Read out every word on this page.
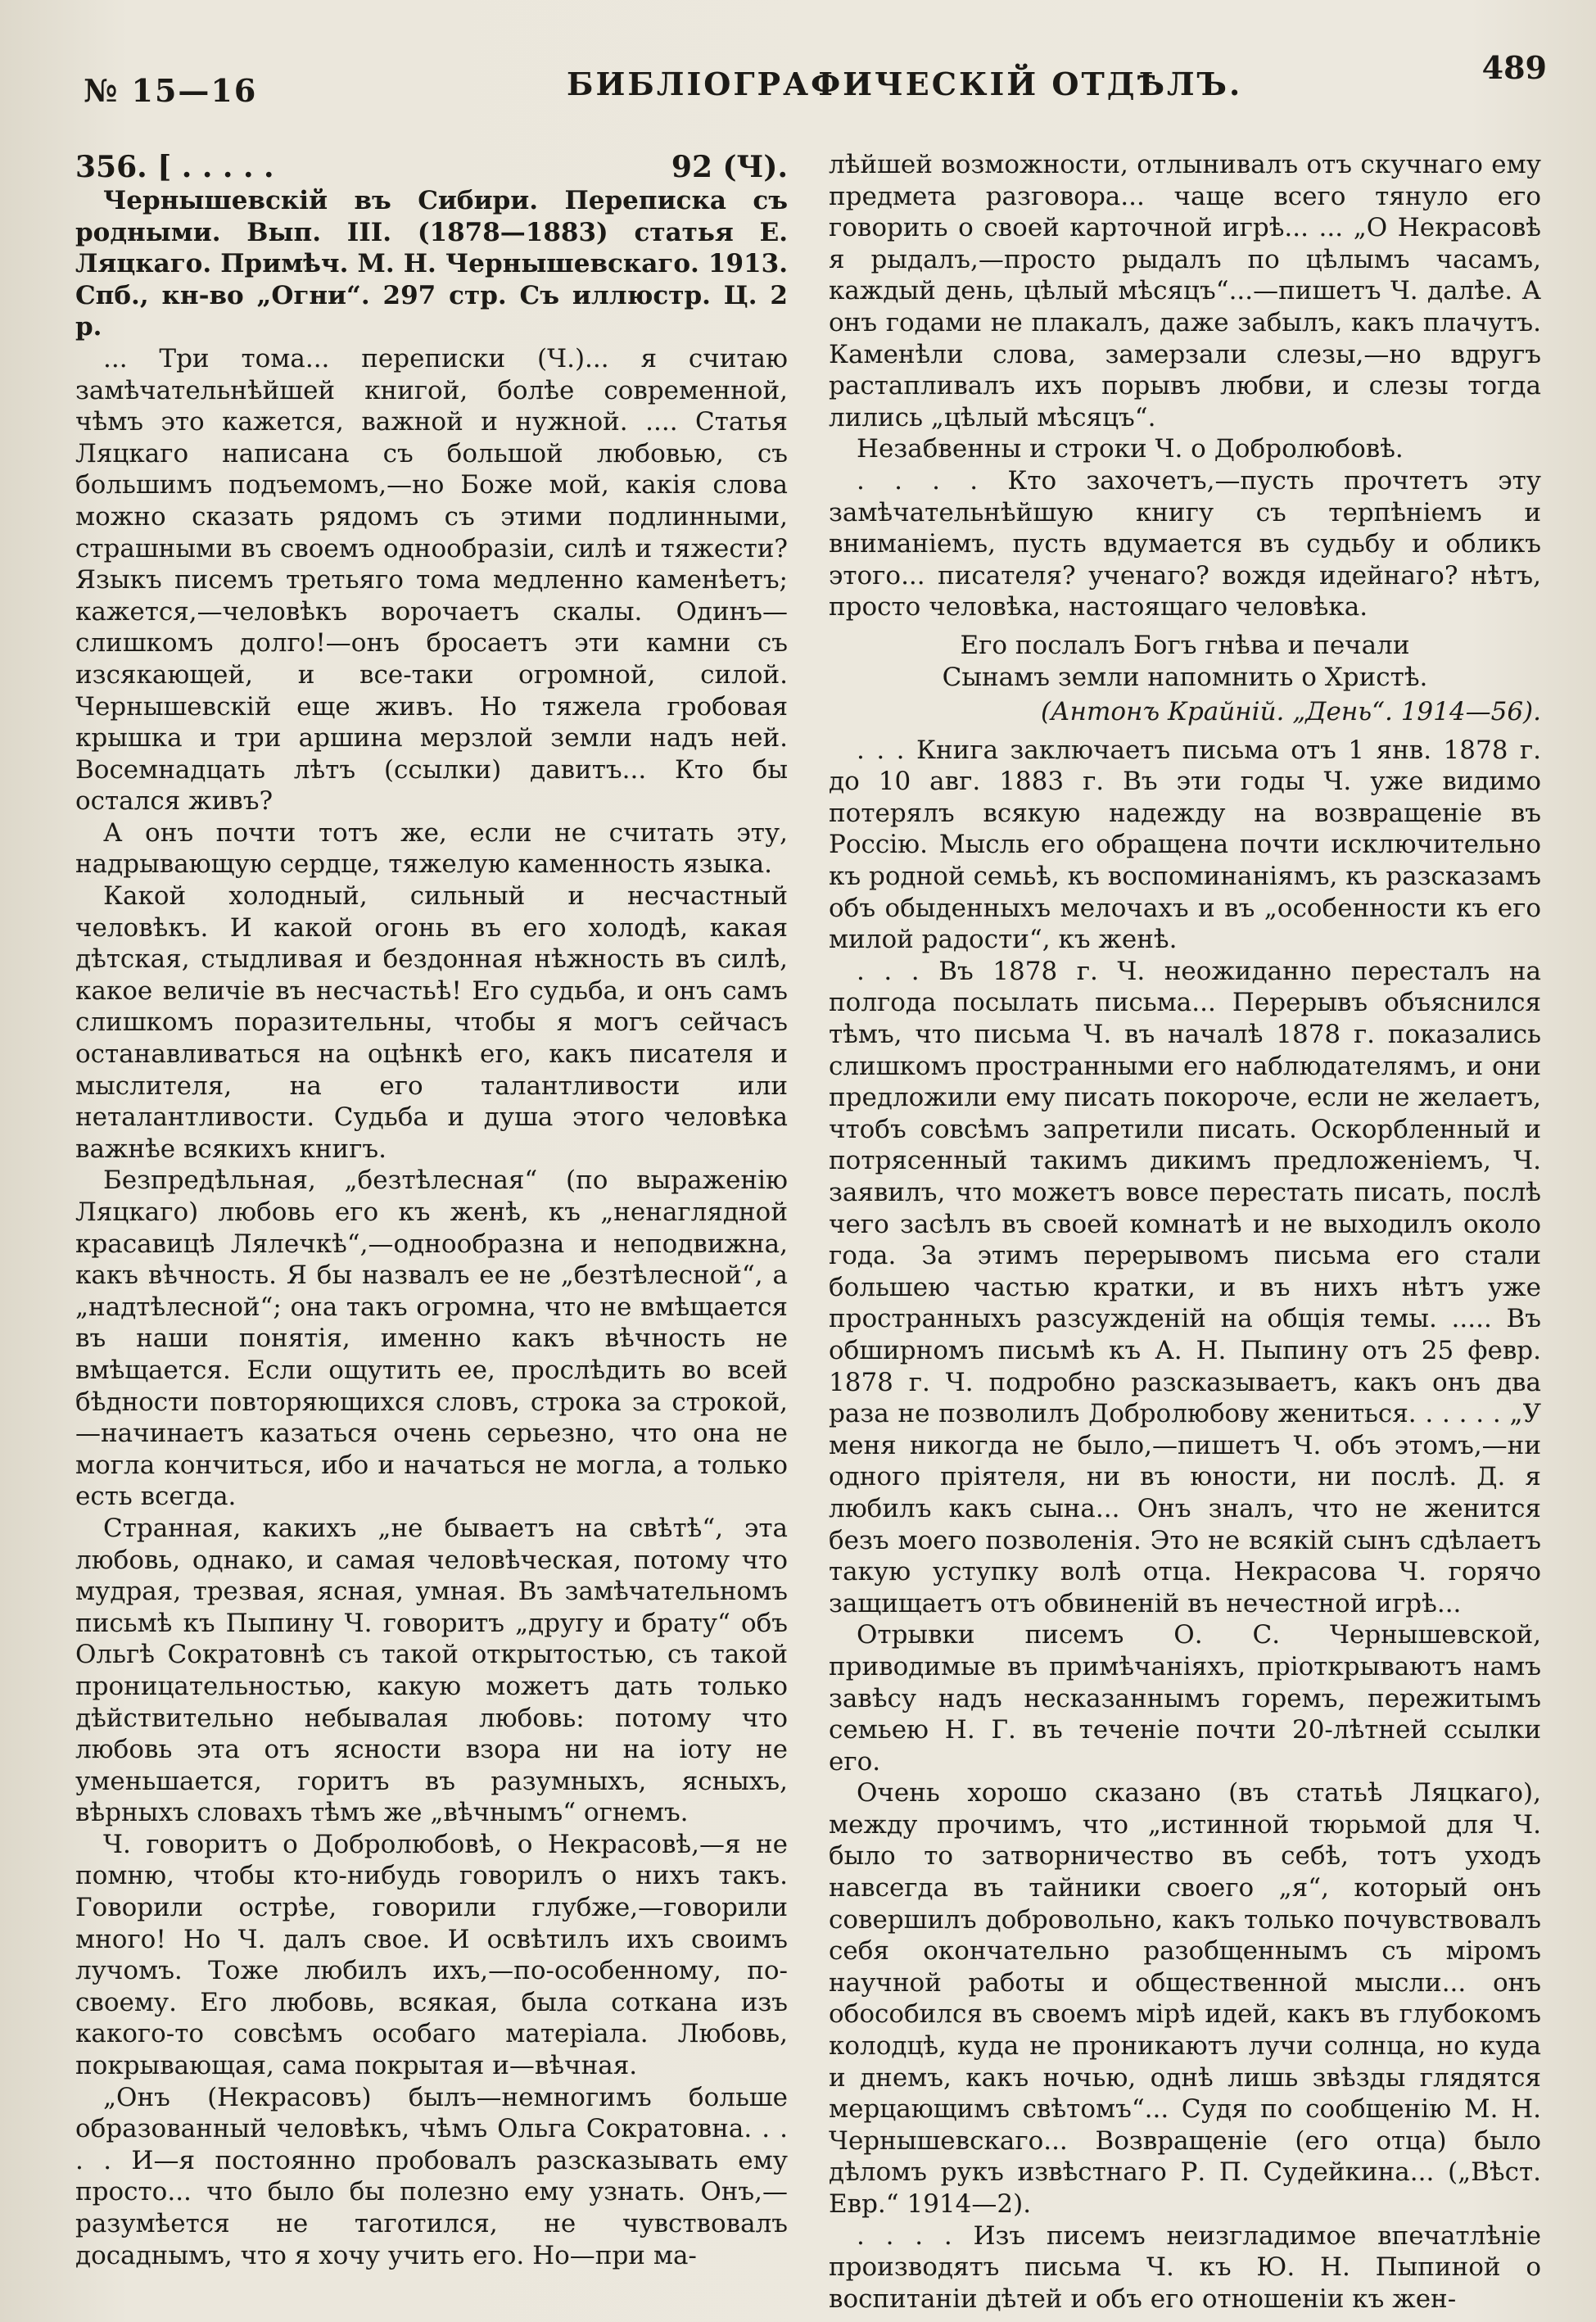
№ 15—16	БИБЛІОГРАФИЧЕСКІЙ ОТДѢЛЪ.	489
356. [ . . . . .	92 (Ч).

Чернышевскій въ Сибири. Переписка съ родными. Вып. III. (1878—1883) статья Е. Ляцкаго. Примѣч. М. Н. Чернышевскаго. 1913. Спб., кн-во „Огни“. 297 стр. Съ иллюстр. Ц. 2 р.

... Три тома... переписки (Ч.)... я считаю замѣчательнѣйшей книгой, болѣе современной, чѣмъ это кажется, важной и нужной. .... Статья Ляцкаго написана съ большой любовью, съ большимъ подъемомъ,—но Боже мой, какія слова можно сказать рядомъ съ этими подлинными, страшными въ своемъ однообразіи, силѣ и тяжести? Языкъ писемъ третьяго тома медленно каменѣетъ; кажется,—человѣкъ ворочаетъ скалы. Одинъ—слишкомъ долго!—онъ бросаетъ эти камни съ изсякающей, и все-таки огромной, силой. Чернышевскій еще живъ. Но тяжела гробовая крышка и три аршина мерзлой земли надъ ней. Восемнадцать лѣтъ (ссылки) давитъ... Кто бы остался живъ?

А онъ почти тотъ же, если не считать эту, надрывающую сердце, тяжелую каменность языка.

Какой холодный, сильный и несчастный человѣкъ. И какой огонь въ его холодѣ, какая дѣтская, стыдливая и бездонная нѣжность въ силѣ, какое величіе въ несчастьѣ! Его судьба, и онъ самъ слишкомъ поразительны, чтобы я могъ сейчасъ останавливаться на оцѣнкѣ его, какъ писателя и мыслителя, на его талантливости или неталантливости. Судьба и душа этого человѣка важнѣе всякихъ книгъ.

Безпредѣльная, „безтѣлесная“ (по выраженію Ляцкаго) любовь его къ женѣ, къ „ненаглядной красавицѣ Лялечкѣ“,—однообразна и неподвижна, какъ вѣчность. Я бы назвалъ ее не „безтѣлесной“, а „надтѣлесной“; она такъ огромна, что не вмѣщается въ наши понятія, именно какъ вѣчность не вмѣщается. Если ощутить ее, прослѣдить во всей бѣдности повторяющихся словъ, строка за строкой,—начинаетъ казаться очень серьезно, что она не могла кончиться, ибо и начаться не могла, а только есть всегда.

Странная, какихъ „не бываетъ на свѣтѣ“, эта любовь, однако, и самая человѣческая, потому что мудрая, трезвая, ясная, умная. Въ замѣчательномъ письмѣ къ Пыпину Ч. говоритъ „другу и брату“ объ Ольгѣ Сократовнѣ съ такой открытостью, съ такой проницательностью, какую можетъ дать только дѣйствительно небывалая любовь: потому что любовь эта отъ ясности взора ни на іоту не уменьшается, горитъ въ разумныхъ, ясныхъ, вѣрныхъ словахъ тѣмъ же „вѣчнымъ“ огнемъ.

Ч. говоритъ о Добролюбовѣ, о Некрасовѣ,—я не помню, чтобы кто-нибудь говорилъ о нихъ такъ. Говорили острѣе, говорили глубже,—говорили много! Но Ч. далъ свое. И освѣтилъ ихъ своимъ лучомъ. Тоже любилъ ихъ,—по-особенному, по-своему. Его любовь, всякая, была соткана изъ какого-то совсѣмъ особаго матеріала. Любовь, покрывающая, сама покрытая и—вѣчная.

„Онъ (Некрасовъ) былъ—немногимъ больше образованный человѣкъ, чѣмъ Ольга Сократовна. . . . . И—я постоянно пробовалъ разсказывать ему просто... что было бы полезно ему узнать. Онъ,—разумѣется не таготился, не чувствовалъ досаднымъ, что я хочу учить его. Но—при ма-

лѣйшей возможности, отлынивалъ отъ скучнаго ему предмета разговора... чаще всего тянуло его говорить о своей карточной игрѣ... ... „О Некрасовѣ я рыдалъ,—просто рыдалъ по цѣлымъ часамъ, каждый день, цѣлый мѣсяцъ“...—пишетъ Ч. далѣе. А онъ годами не плакалъ, даже забылъ, какъ плачутъ. Каменѣли слова, замерзали слезы,—но вдругъ растапливалъ ихъ порывъ любви, и слезы тогда лились „цѣлый мѣсяцъ“.

Незабвенны и строки Ч. о Добролюбовѣ.

. . . . Кто захочетъ,—пусть прочтетъ эту замѣчательнѣйшую книгу съ терпѣніемъ и вниманіемъ, пусть вдумается въ судьбу и обликъ этого... писателя? ученаго? вождя идейнаго? нѣтъ, просто человѣка, настоящаго человѣка.

Его послалъ Богъ гнѣва и печали
Сынамъ земли напомнить о Христѣ.
(Антонъ Крайній. „День“. 1914—56).

. . . Книга заключаетъ письма отъ 1 янв. 1878 г. до 10 авг. 1883 г. Въ эти годы Ч. уже видимо потерялъ всякую надежду на возвращеніе въ Россію. Мысль его обращена почти исключительно къ родной семьѣ, къ воспоминаніямъ, къ разсказамъ объ обыденныхъ мелочахъ и въ „особенности къ его милой радости“, къ женѣ.

. . . Въ 1878 г. Ч. неожиданно пересталъ на полгода посылать письма... Перерывъ объяснился тѣмъ, что письма Ч. въ началѣ 1878 г. показались слишкомъ пространными его наблюдателямъ, и они предложили ему писать покороче, если не желаетъ, чтобъ совсѣмъ запретили писать. Оскорбленный и потрясенный такимъ дикимъ предложеніемъ, Ч. заявилъ, что можетъ вовсе перестать писать, послѣ чего засѣлъ въ своей комнатѣ и не выходилъ около года. За этимъ перерывомъ письма его стали большею частью кратки, и въ нихъ нѣтъ уже пространныхъ разсужденій на общія темы. ..... Въ обширномъ письмѣ къ А. Н. Пыпину отъ 25 февр. 1878 г. Ч. подробно разсказываетъ, какъ онъ два раза не позволилъ Добролюбову жениться. . . . . . „У меня никогда не было,—пишетъ Ч. объ этомъ,—ни одного пріятеля, ни въ юности, ни послѣ. Д. я любилъ какъ сына... Онъ зналъ, что не женится безъ моего позволенія. Это не всякій сынъ сдѣлаетъ такую уступку волѣ отца. Некрасова Ч. горячо защищаетъ отъ обвиненій въ нечестной игрѣ...

Отрывки писемъ О. С. Чернышевской, приводимые въ примѣчаніяхъ, пріоткрываютъ намъ завѣсу надъ несказаннымъ горемъ, пережитымъ семьею Н. Г. въ теченіе почти 20-лѣтней ссылки его.

Очень хорошо сказано (въ статьѣ Ляцкаго), между прочимъ, что „истинной тюрьмой для Ч. было то затворничество въ себѣ, тотъ уходъ навсегда въ тайники своего „я“, который онъ совершилъ добровольно, какъ только почувствовалъ себя окончательно разобщеннымъ съ міромъ научной работы и общественной мысли... онъ обособился въ своемъ мірѣ идей, какъ въ глубокомъ колодцѣ, куда не проникаютъ лучи солнца, но куда и днемъ, какъ ночью, однѣ лишь звѣзды глядятся мерцающимъ свѣтомъ“... Судя по сообщенію М. Н. Чернышевскаго... Возвращеніе (его отца) было дѣломъ рукъ извѣстнаго Р. П. Судейкина... („Вѣст. Евр.“ 1914—2).

. . . . Изъ писемъ неизгладимое впечатлѣніе производятъ письма Ч. къ Ю. Н. Пыпиной о воспитаніи дѣтей и объ его отношеніи къ жен-
